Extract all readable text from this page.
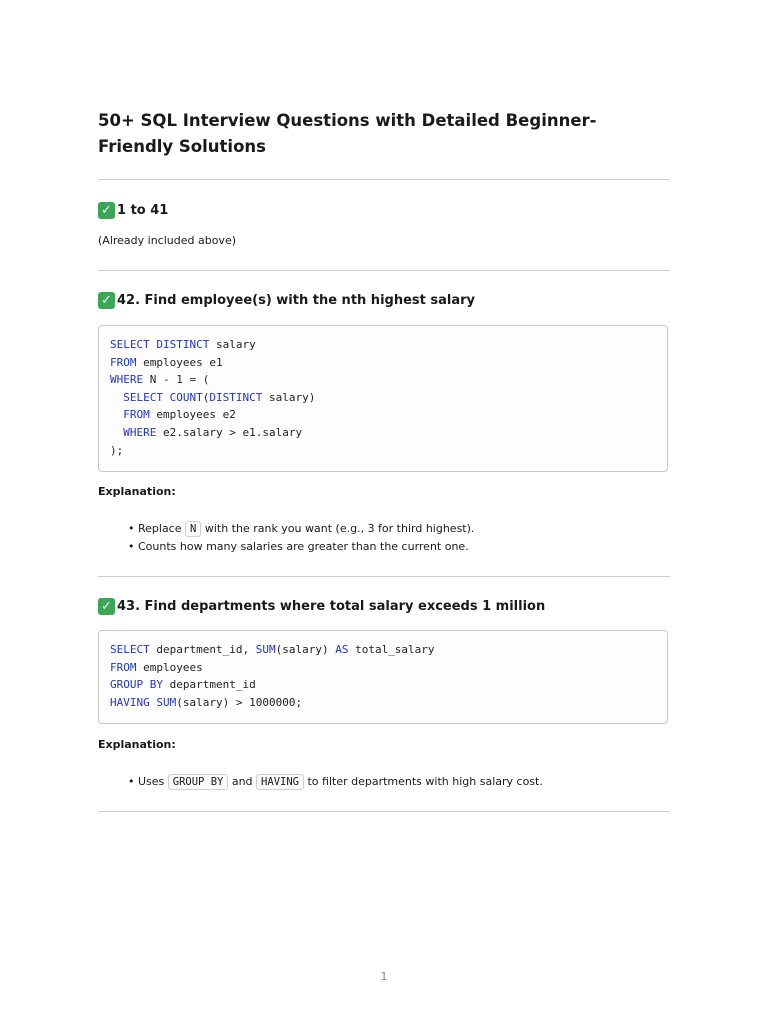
50+ SQL Interview Questions with Detailed Beginner-Friendly Solutions
✓ 1 to 41

(Already included above)

✓ 42. Find employee(s) with the nth highest salary
SELECT DISTINCT salary
FROM employees e1
WHERE N - 1 = (
SELECT COUNT(DISTINCT salary)
FROM employees e2
WHERE e2.salary > e1.salary
);

Explanation:

• Replace N with the rank you want (e.g., 3 for third highest).
• Counts how many salaries are greater than the current one.
✓ 43. Find departments where total salary exceeds 1 million
SELECT department_id, SUM(salary) AS total_salary
FROM employees
GROUP BY department_id
HAVING SUM(salary) > 1000000;

Explanation:

• Uses GROUP BY and HAVING to filter departments with high salary cost.
1
